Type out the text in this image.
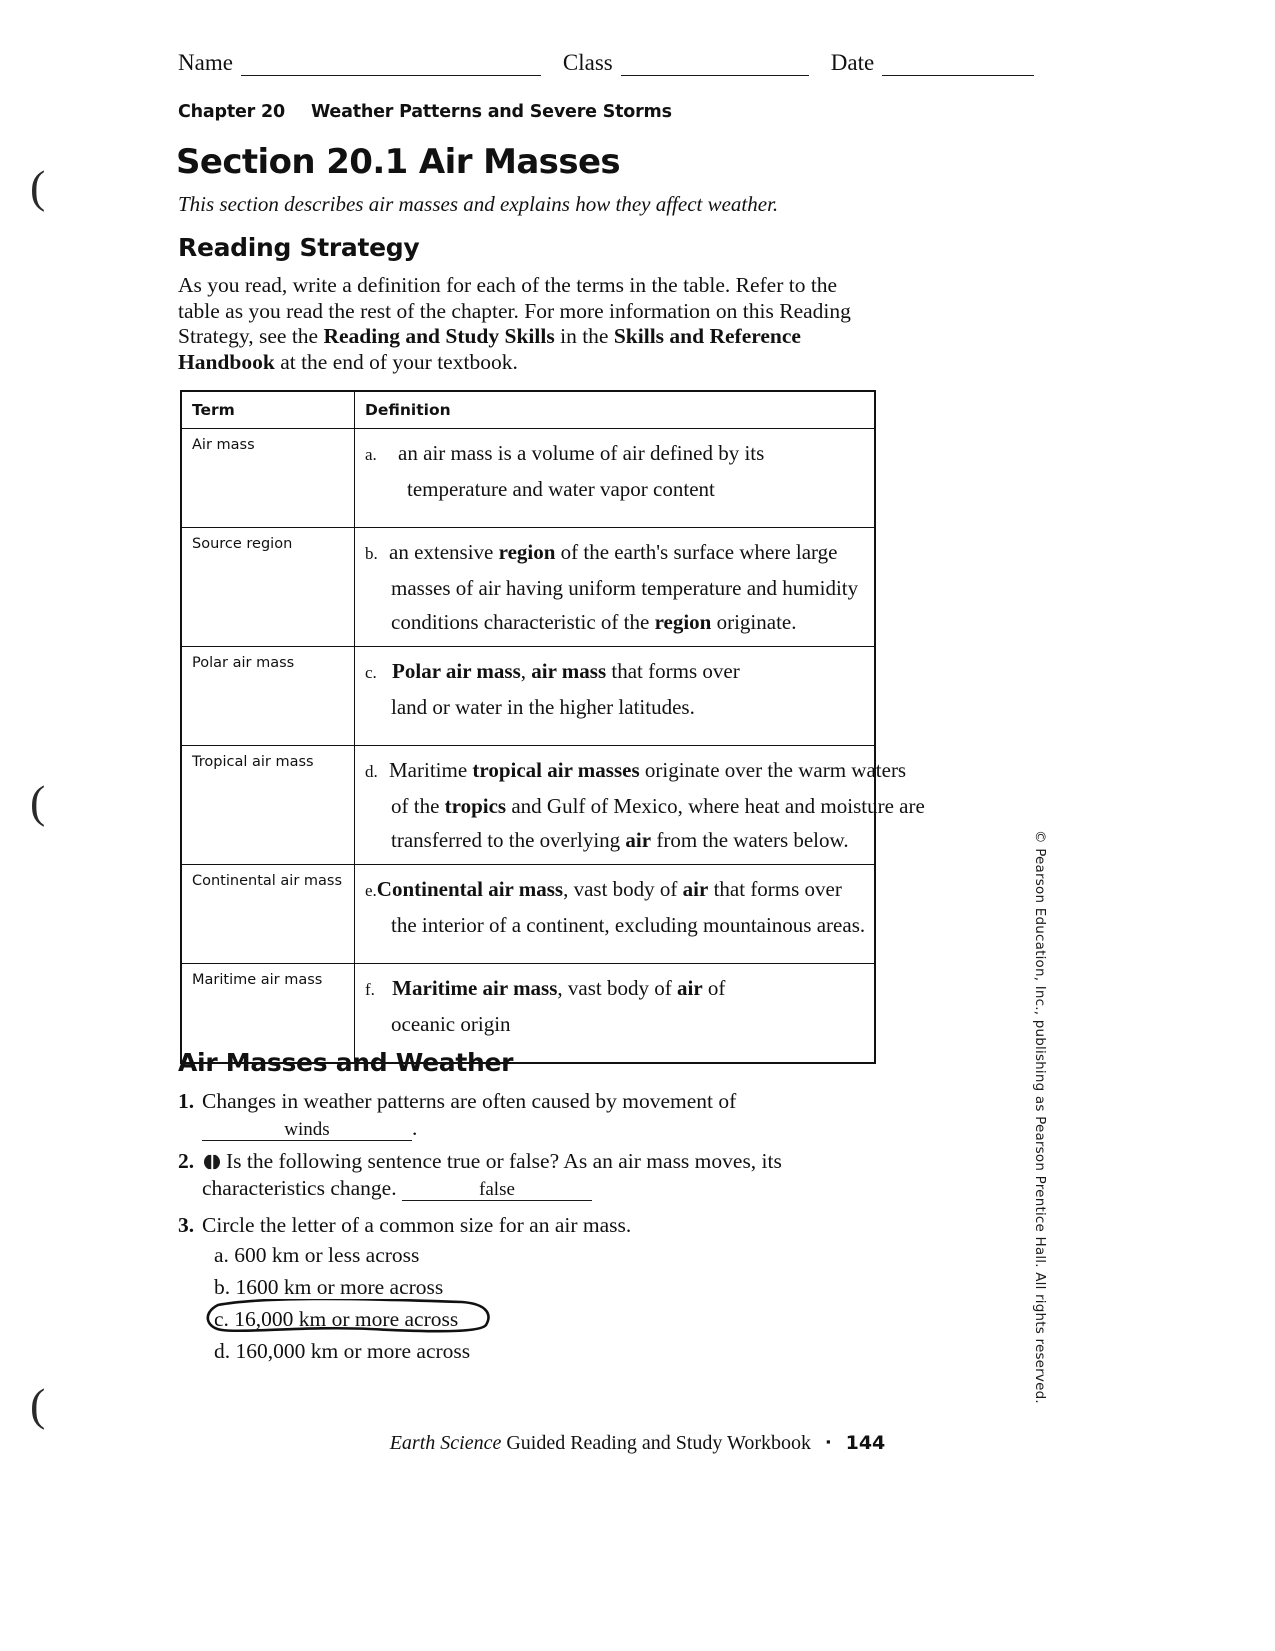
(
(
(
Name	Class	Date
Chapter 20 Weather Patterns and Severe Storms
Section 20.1 Air Masses
This section describes air masses and explains how they affect weather.
Reading Strategy
As you read, write a definition for each of the terms in the table. Refer to the table as you read the rest of the chapter. For more information on this Reading Strategy, see the Reading and Study Skills in the Skills and Reference Handbook at the end of your textbook.
Term	Definition
Air mass	a. an air mass is a volume of air defined by its
temperature and water vapor content
Source region	b. an extensive region of the earth's surface where large
masses of air having uniform temperature and humidity
conditions characteristic of the region originate.
Polar air mass	c. Polar air mass, air mass that forms over
land or water in the higher latitudes.
Tropical air mass	d. Maritime tropical air masses originate over the warm waters
of the tropics and Gulf of Mexico, where heat and moisture are
transferred to the overlying air from the waters below.
Continental air mass	e.Continental air mass, vast body of air that forms over
the interior of a continent, excluding mountainous areas.
Maritime air mass	f. Maritime air mass, vast body of air of
oceanic origin
Air Masses and Weather
1. Changes in weather patterns are often caused by movement of
winds	.
2. Is the following sentence true or false? As an air mass moves, its
characteristics change.	false
3. Circle the letter of a common size for an air mass.
a. 600 km or less across
b. 1600 km or more across
c. 16,000 km or more across
d. 160,000 km or more across
Earth Science Guided Reading and Study Workbook ▪ 144
© Pearson Education, Inc., publishing as Pearson Prentice Hall. All rights reserved.
